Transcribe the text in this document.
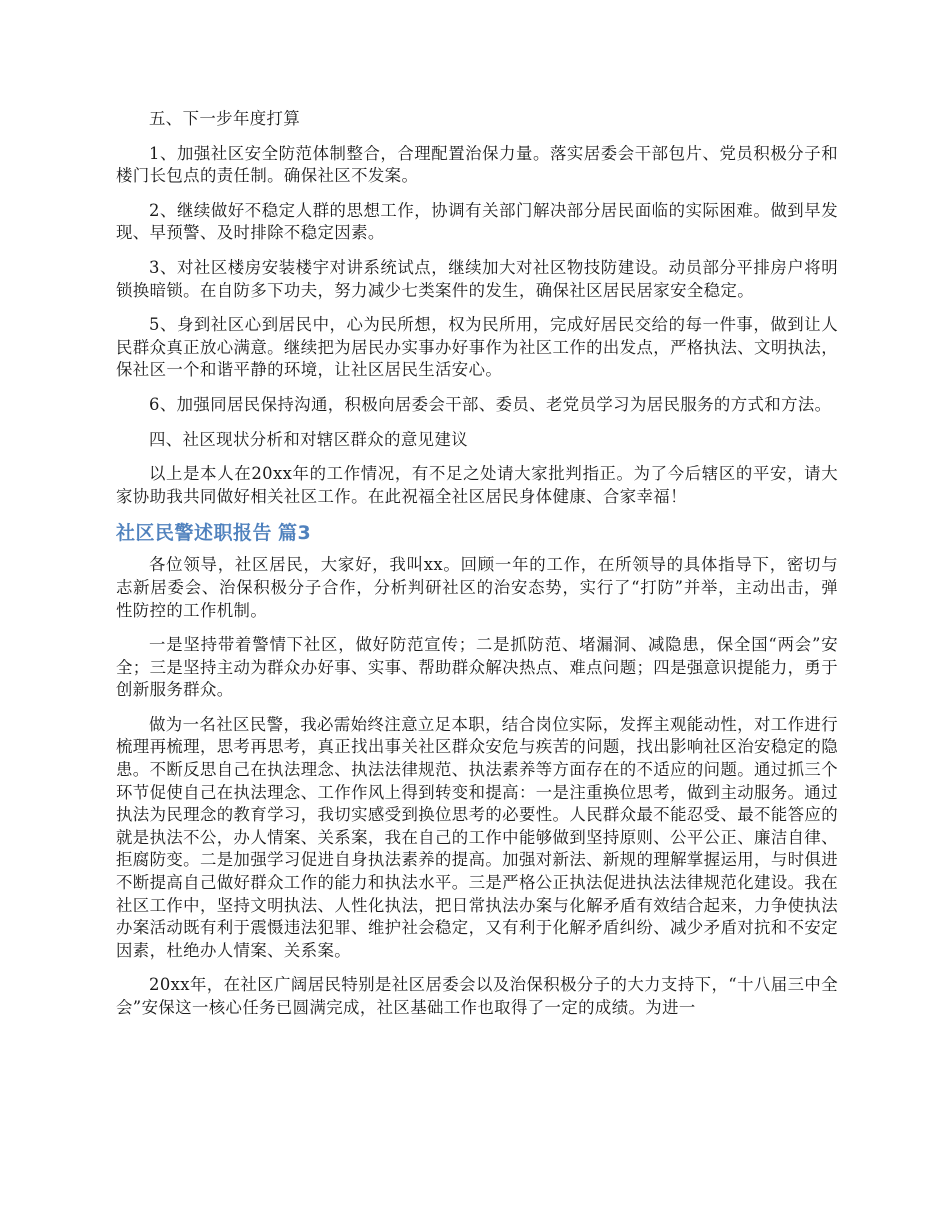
五、下一步年度打算

1、加强社区安全防范体制整合，合理配置治保力量。落实居委会干部包片、党员积极分子和楼门长包点的责任制。确保社区不发案。

2、继续做好不稳定人群的思想工作，协调有关部门解决部分居民面临的实际困难。做到早发现、早预警、及时排除不稳定因素。

3、对社区楼房安装楼宇对讲系统试点，继续加大对社区物技防建设。动员部分平排房户将明锁换暗锁。在自防多下功夫，努力减少七类案件的发生，确保社区居民居家安全稳定。

5、身到社区心到居民中，心为民所想，权为民所用，完成好居民交给的每一件事，做到让人民群众真正放心满意。继续把为居民办实事办好事作为社区工作的出发点，严格执法、文明执法，保社区一个和谐平静的环境，让社区居民生活安心。

6、加强同居民保持沟通，积极向居委会干部、委员、老党员学习为居民服务的方式和方法。

四、社区现状分析和对辖区群众的意见建议

以上是本人在20xx年的工作情况，有不足之处请大家批判指正。为了今后辖区的平安，请大家协助我共同做好相关社区工作。在此祝福全社区居民身体健康、合家幸福！

社区民警述职报告 篇3

各位领导，社区居民，大家好，我叫xx。回顾一年的工作，在所领导的具体指导下，密切与志新居委会、治保积极分子合作，分析判研社区的治安态势，实行了“打防”并举，主动出击，弹性防控的工作机制。

一是坚持带着警情下社区，做好防范宣传；二是抓防范、堵漏洞、减隐患，保全国“两会”安全；三是坚持主动为群众办好事、实事、帮助群众解决热点、难点问题；四是强意识提能力，勇于创新服务群众。

做为一名社区民警，我必需始终注意立足本职，结合岗位实际，发挥主观能动性，对工作进行梳理再梳理，思考再思考，真正找出事关社区群众安危与疾苦的问题，找出影响社区治安稳定的隐患。不断反思自己在执法理念、执法法律规范、执法素养等方面存在的不适应的问题。通过抓三个环节促使自己在执法理念、工作作风上得到转变和提高：一是注重换位思考，做到主动服务。通过执法为民理念的教育学习，我切实感受到换位思考的必要性。人民群众最不能忍受、最不能答应的就是执法不公，办人情案、关系案，我在自己的工作中能够做到坚持原则、公平公正、廉洁自律、拒腐防变。二是加强学习促进自身执法素养的提高。加强对新法、新规的理解掌握运用，与时俱进不断提高自己做好群众工作的能力和执法水平。三是严格公正执法促进执法法律规范化建设。我在社区工作中，坚持文明执法、人性化执法，把日常执法办案与化解矛盾有效结合起来，力争使执法办案活动既有利于震慑违法犯罪、维护社会稳定，又有利于化解矛盾纠纷、减少矛盾对抗和不安定因素，杜绝办人情案、关系案。

20xx年，在社区广阔居民特别是社区居委会以及治保积极分子的大力支持下，“十八届三中全会”安保这一核心任务已圆满完成，社区基础工作也取得了一定的成绩。为进一
